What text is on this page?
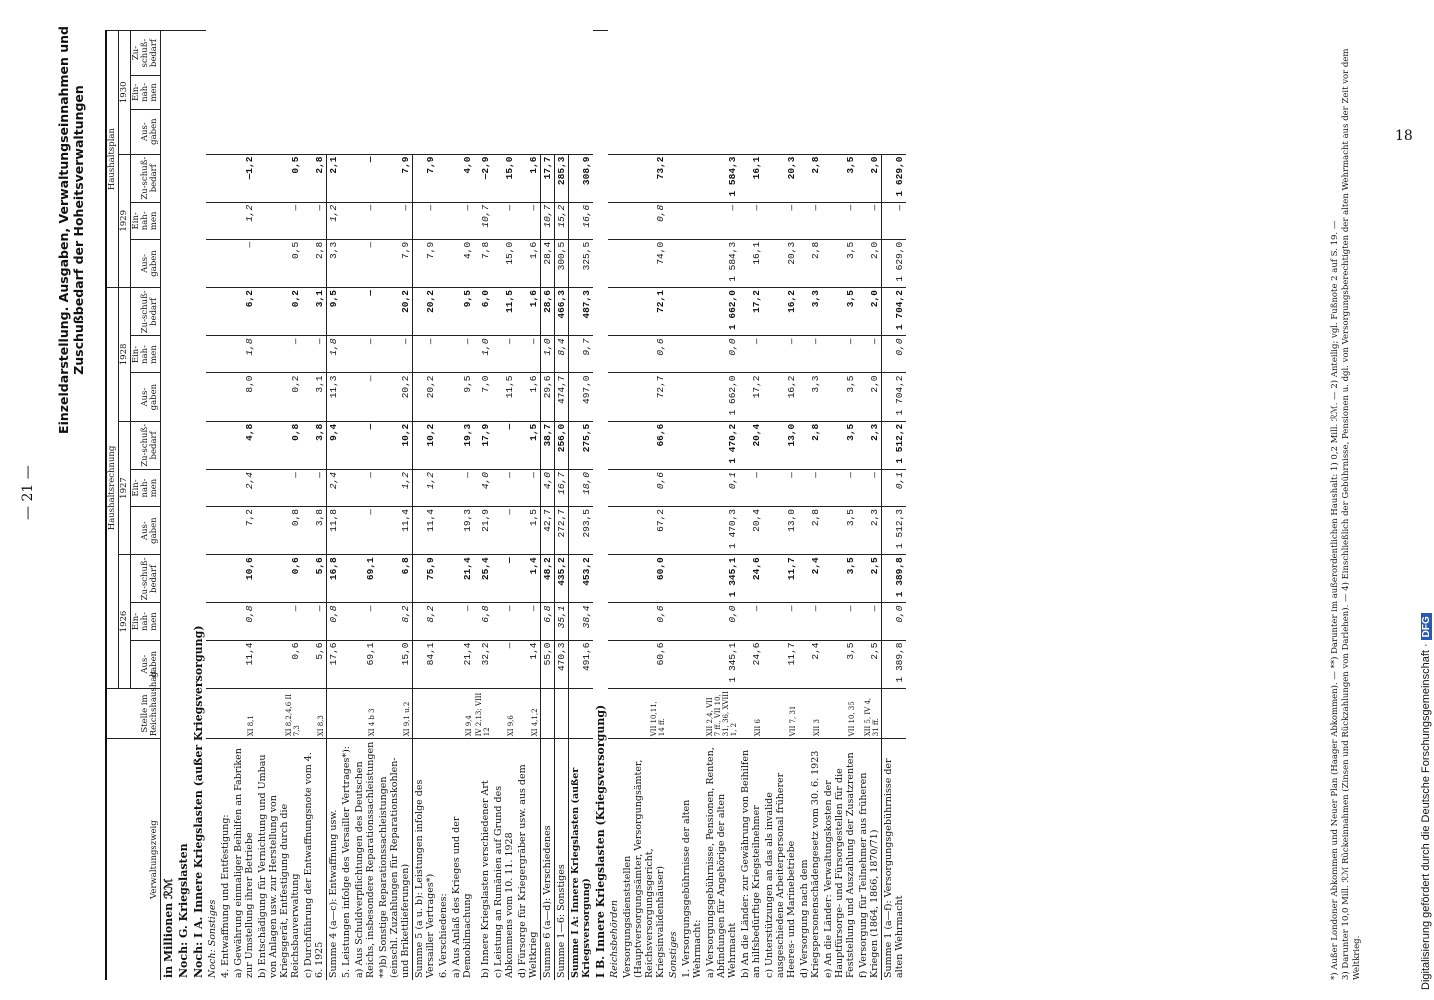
— 21 —
Einzeldarstellung. Ausgaben, Verwaltungseinnahmen und Zuschußbedarf der Hoheitsverwaltungen
Verwaltungszweig	Stelle im Reichshaushalt	Haushaltsrechnung									Haushaltsplan					
		1926			1927			1928			1929			1930		
		Aus-gaben	Ein-nah-men	Zu-schuß-bedarf	Aus-gaben	Ein-nah-men	Zu-schuß-bedarf	Aus-gaben	Ein-nah-men	Zu-schuß-bedarf	Aus-gaben	Ein-nah-men	Zu-schuß-bedarf	Aus-gaben	Ein-nah-men	Zu-schuß-bedarf
in Millionen ℛℳ																
Noch: G. Kriegslasten																
Noch: I A. Innere Kriegslasten (außer Kriegsversorgung)																
Noch: Sonstiges																
4. Entwaffnung und Entfestigung:																
a) Gewährung einmaliger Beihilfen an Fabriken zur Umstellung ihrer Betriebe	XI 8,1	11,4	0,8	10,6	7,2	2,4	4,8	8,0	1,8	6,2	—	1,2	—1,2			
b) Entschädigung für Vernichtung und Umbau von Anlagen usw. zur Herstellung von Kriegsgerät, Entfestigung durch die Reichsbauverwaltung	XI 8,2,4,6 II 7,3	0,6	—	0,6	0,8	—	0,8	0,2	—	0,2	0,5	—	0,5			
c) Durchführung der Entwaffnungsnote vom 4. 6. 1925	XI 8,3	5,6	—	5,6	3,8	—	3,8	3,1	—	3,1	2,8	—	2,8			
Summe 4 (a—c): Entwaffnung usw.		17,6	0,8	16,8	11,8	2,4	9,4	11,3	1,8	9,5	3,3	1,2	2,1			
5. Leistungen infolge des Versailler Vertrages*):																
a) Aus Schuldverpflichtungen des Deutschen Reichs, insbesondere Reparationssachleistungen	XI 4 b 3	69,1	—	69,1	—	—	—	—	—	—	—	—	—			
**)b) Sonstige Reparationssachleistungen (einschl. Zuzahlungen für Reparationskohlen- und Brikettlieferungen)	XI 9,1 u.2	15,0	8,2	6,8	11,4	1,2	10,2	20,2	—	20,2	7,9	—	7,9			
Summe 5 (a u. b): Leistungen infolge des Versailler Vertrages*)		84,1	8,2	75,9	11,4	1,2	10,2	20,2	—	20,2	7,9	—	7,9			
6. Verschiedenes:																
a) Aus Anlaß des Krieges und der Demobilmachung	XI 9,4	21,4	—	21,4	19,3	—	19,3	9,5	—	9,5	4,0	—	4,0			
b) Innere Kriegslasten verschiedener Art	IV 2,13; VIII 12	32,2	6,8	25,4	21,9	4,0	17,9	7,0	1,0	6,0	7,8	10,7	—2,9			
c) Leistung an Rumänien auf Grund des Abkommens vom 10. 11. 1928	XI 9,6	—	—	—	—	—	—	11,5	—	11,5	15,0	—	15,0			
d) Fürsorge für Kriegergräber usw. aus dem Weltkrieg	XI 4,1,2	1,4	—	1,4	1,5	—	1,5	1,6	—	1,6	1,6	—	1,6			
Summe 6 (a—d): Verschiedenes		55,0	6,8	48,2	42,7	4,0	38,7	29,6	1,0	28,6	28,4	10,7	17,7			
Summe 1—6: Sonstiges		470,3	35,1	435,2	272,7	16,7	256,0	474,7	8,4	466,3	300,5	15,2	285,3			
Summe I A: Innere Kriegslasten (außer Kriegsversorgung)		491,6	38,4	453,2	293,5	18,0	275,5	497,0	9,7	487,3	325,5	16,6	308,9			
I B. Innere Kriegslasten (Kriegsversorgung)																
Reichsbehörden																
Versorgungsdienststellen (Hauptversorgungsämter, Versorgungsämter, Reichsversorgungsgericht, Kriegsinvalidenhäuser)	VII 10,11, 14 ff.	60,6	0,6	60,0	67,2	0,6	66,6	72,7	0,6	72,1	74,0	0,8	73,2			
Sonstiges																
1. Versorgungsgebührnisse der alten Wehrmacht:																
a) Versorgungsgebührnisse, Pensionen, Renten, Abfindungen für Angehörige der alten Wehrmacht	XII 2,4, VII 7 ff., VII 10, 31, 36, XVIII 1, 2	1 345,1	0,0	1 345,1	1 470,3	0,1	1 470,2	1 662,0	0,0	1 662,0	1 584,3	—	1 584,3			
b) An die Länder: zur Gewährung von Beihilfen an hilfsbedürftige Kriegsteilnehmer	XII 6	24,6	—	24,6	20,4	—	20,4	17,2	—	17,2	16,1	—	16,1			
c) Unterstützungen an das als invalide ausgeschiedene Arbeiterpersonal früherer Heeres- und Marinebetriebe	VII 7, 31	11,7	—	11,7	13,0	—	13,0	16,2	—	16,2	20,3	—	20,3			
d) Versorgung nach dem Kriegspersonenschädengesetz vom 30. 6. 1923	XII 3	2,4	—	2,4	2,8	—	2,8	3,3	—	3,3	2,8	—	2,8			
e) An die Länder: Verwaltungskosten der Hauptfürsorge- und Fürsorgestellen für die Feststellung und Auszahlung der Zusatzrenten	VII 10, 35	3,5	—	3,5	3,5	—	3,5	3,5	—	3,5	3,5	—	3,5			
f) Versorgung für Teilnehmer aus früheren Kriegen (1864, 1866, 1870/71)	XII 5, IV 4, 31 ff.	2,5	—	2,5	2,3	—	2,3	2,0	—	2,0	2,0	—	2,0			
Summe 1 (a—f): Versorgungsgebührnisse der alten Wehrmacht		1 389,8	0,0	1 389,8	1 512,3	0,1	1 512,2	1 704,2	0,0	1 704,2	1 629,0	—	1 629,0			
*) Außer Londoner Abkommen und Neuer Plan (Haager Abkommen). — **) Darunter im außerordentlichen Haushalt: 1) 0,2 Mill. ℛℳ. — 2) Anteilig; vgl. Fußnote 2 auf S. 19. — 3) Darunter 10,0 Mill. ℛℳ Rückeinnahmen (Zinsen und Rückzahlungen von Darlehen). — 4) Einschließlich der Gebührnisse, Pensionen u. dgl. von Versorgungsberechtigten der alten Wehrmacht aus der Zeit vor dem Weltkrieg.
18
Digitalisierung gefördert durch die Deutsche Forschungsgemeinschaft ·DFG
